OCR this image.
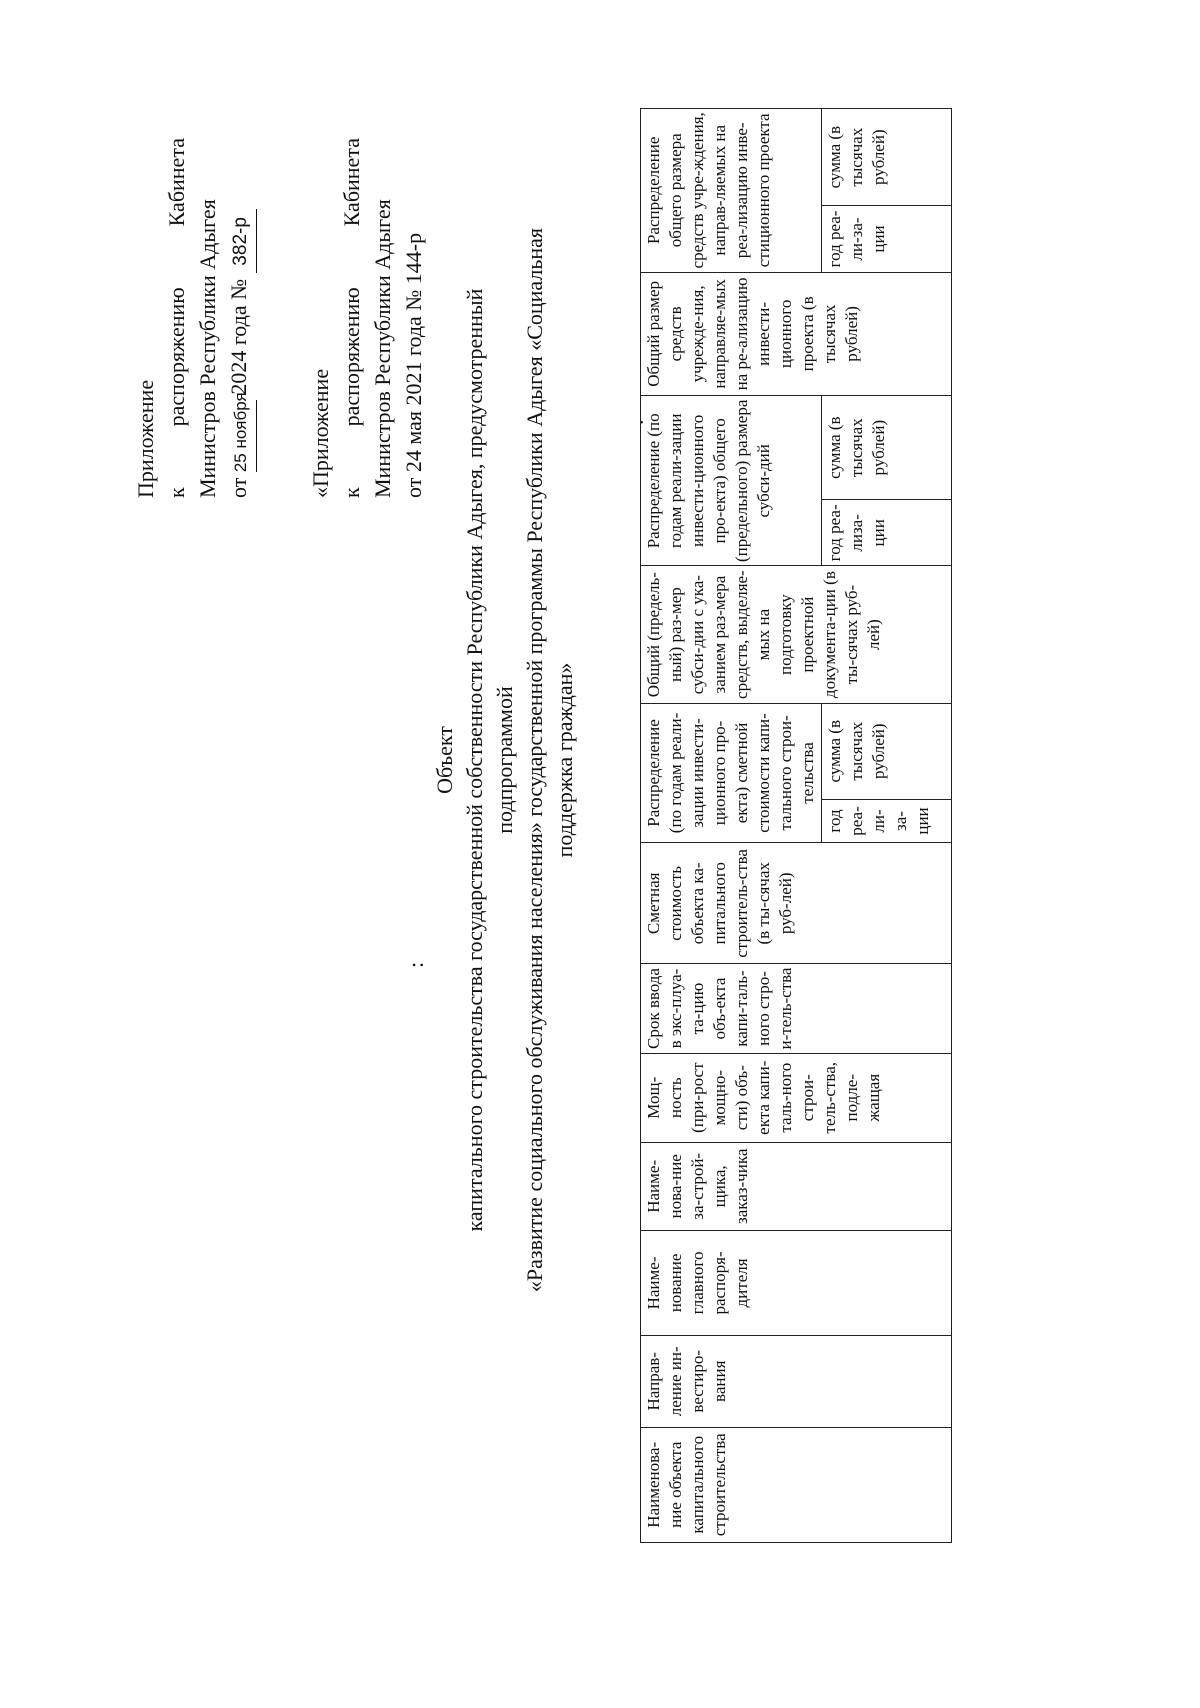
Приложение к
распоряжению
Кабинета
Министров Республики Адыгея от 25 ноября 2024 года № 382-р
«Приложение к
распоряжению
Кабинета
Министров Республики Адыгея от 24 мая 2021 года № 144-р
:
.
Объект капитального строительства государственной собственности Республики Адыгея, предусмотренный подпрограммой «Развитие социального обслуживания населения» государственной программы Республики Адыгея «Социальная поддержка граждан»
Наименова-ние объекта капитального строительства	Направ-ление ин-вестиро-вания	Наиме-нование главного распоря-дителя	Наиме-нова-ние за-строй-щика, заказ-чика	Мощ-ность (при-рост мощно-сти) объ-екта капи-таль-ного строи-тель-ства, подле-жащая	Срок ввода в экс-плуа-та-цию объ-екта капи-таль-ного стро-и-тель-ства	Сметная стоимость объекта ка-питального строитель-ства (в ты-сячах руб-лей)	Распределение (по годам реали-зации инвести-ционного про-екта) сметной стоимости капи-тального строи-тельства		Общий (предель-ный) раз-мер субси-дии с ука-занием раз-мера средств, выделяе-мых на подготовку проектной документа-ции (в ты-сячах руб-лей)	Распределение (по годам реали-зации инвести-ционного про-екта) общего (предельного) размера субси-дий		Общий размер средств учрежде-ния, направляе-мых на ре-ализацию инвести-ционного проекта (в тысячах рублей)	Распределение общего размера средств учре-ждения, направ-ляемых на реа-лизацию инве-стиционного проекта	
							год реа-ли-за-ции	сумма (в тысячах рублей)		год реа-лиза-ции	сумма (в тысячах рублей)		год реа-ли-за-ции	сумма (в тысячах рублей)
